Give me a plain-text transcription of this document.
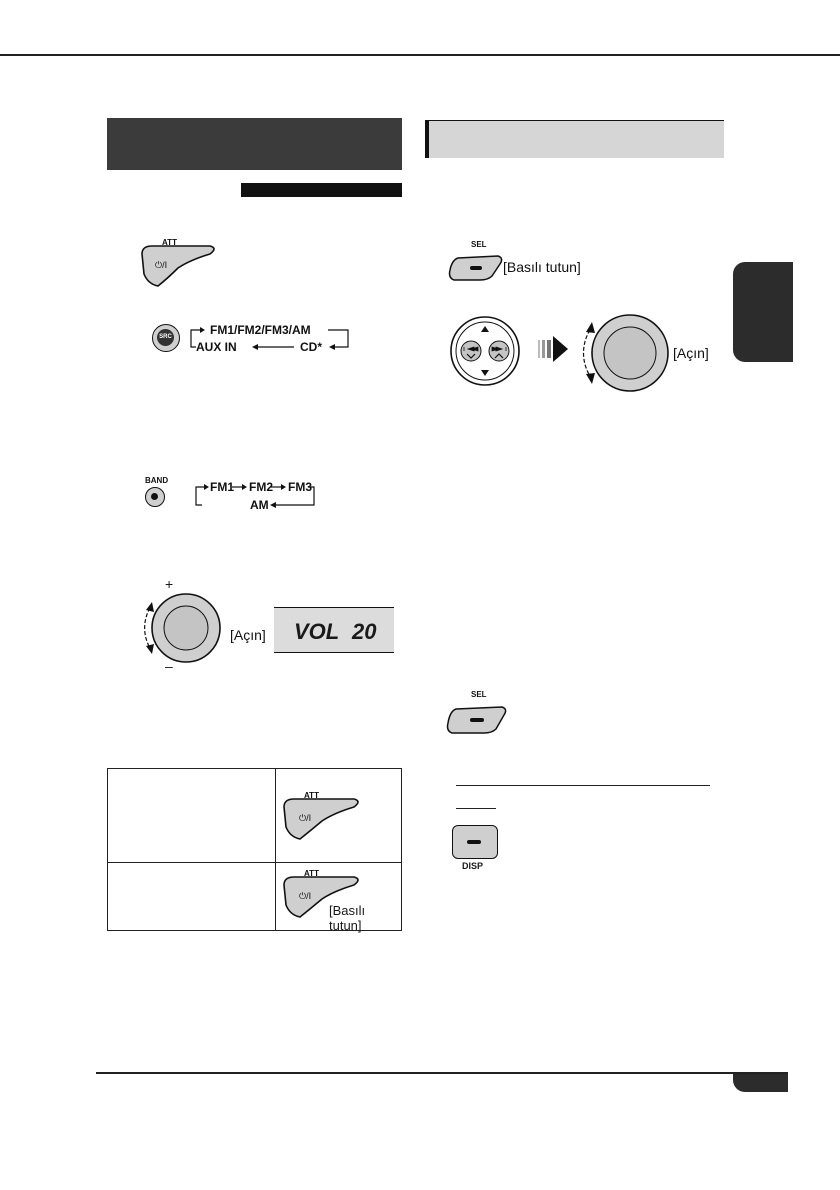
ATT
⏻/I
SRC	FM1/FM2/FM3/AM
AUX IN	CD*
BAND	FM1 FM2 FM3
AM
+
–
[Açın] VOL 20

	ATT
⏻/I

	ATT
⏻/I
[Basılı tutun]
SEL
[Basılı tutun]
[Açın]
SEL
DISP
